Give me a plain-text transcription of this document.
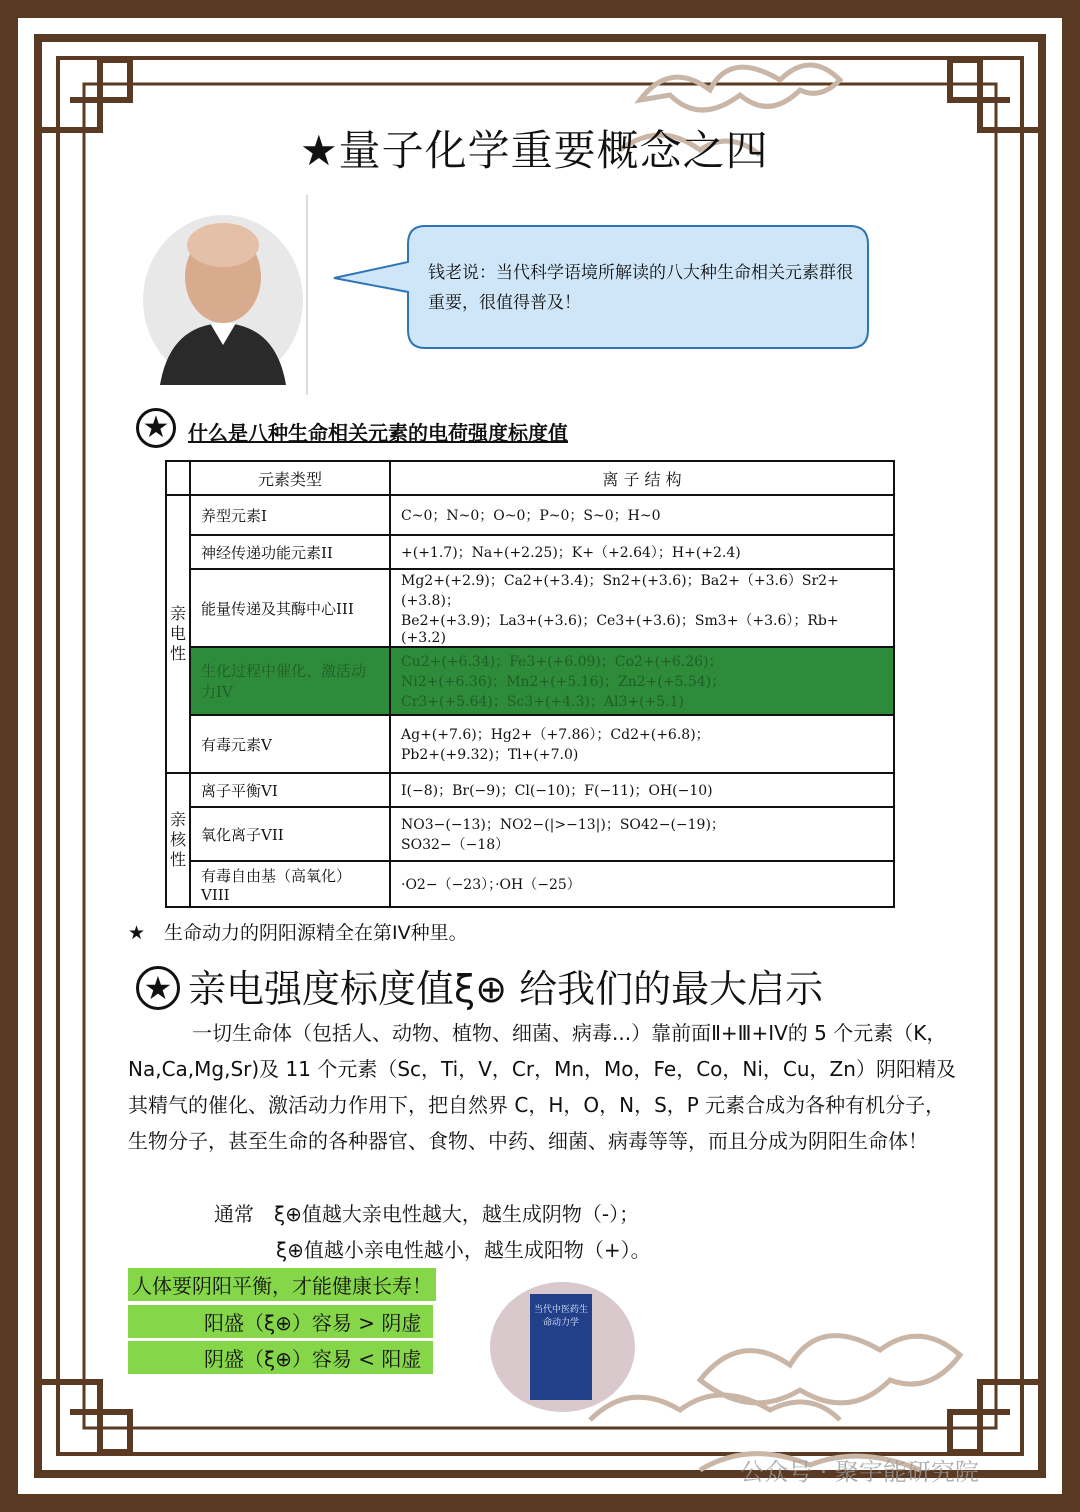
★量子化学重要概念之四
钱老说：当代科学语境所解读的八大种生命相关元素群很重要，很值得普及！
★ 什么是八种生命相关元素的电荷强度标度值
	元素类型	离 子 结 构
亲
电
性	养型元素I	C~0；N~0；O~0；P~0；S~0；H~0
	神经传递功能元素II	+(+1.7)；Na+(+2.25)；K+（+2.64）；H+(+2.4)
	能量传递及其酶中心III	Mg2+(+2.9)；Ca2+(+3.4)；Sn2+(+3.6)；Ba2+（+3.6）Sr2+(+3.8)；
Be2+(+3.9)；La3+(+3.6)；Ce3+(+3.6)；Sm3+（+3.6）；Rb+(+3.2)

	生化过程中催化、激活动力IV	Cu2+(+6.34)；Fe3+(+6.09)；Co2+(+6.26)；
Ni2+(+6.36)；Mn2+(+5.16)；Zn2+(+5.54)；
Cr3+(+5.64)；Sc3+(+4.3)；Al3+(+5.1)

	有毒元素V	Ag+(+7.6)；Hg2+（+7.86）；Cd2+(+6.8)；
Pb2+(+9.32)；Tl+(+7.0)

亲
核
性	离子平衡VI	I(−8)；Br(−9)；Cl(−10)；F(−11)；OH(−10)
	氧化离子VII	NO3−(−13)；NO2−(|>−13|)；SO42−(−19)；
SO32−（−18）

	有毒自由基（高氧化）VIII	·O2−（−23）；·OH（−25）
★　生命动力的阴阳源精全在第IV种里。
★ 亲电强度标度值ξ⊕ 给我们的最大启示
一切生命体（包括人、动物、植物、细菌、病毒...）靠前面Ⅱ+Ⅲ+IV的 5 个元素（K，Na,Ca,Mg,Sr)及 11 个元素（Sc，Ti，V，Cr，Mn，Mo，Fe，Co，Ni，Cu，Zn）阴阳精及其精气的催化、激活动力作用下，把自然界 C，H，O，N，S，P 元素合成为各种有机分子，生物分子，甚至生命的各种器官、食物、中药、细菌、病毒等等，而且分成为阴阳生命体！
通常　ξ⊕值越大亲电性越大，越生成阴物（-）；
ξ⊕值越小亲电性越小，越生成阳物（+）。
人体要阴阳平衡，才能健康长寿！
阳盛（ξ⊕）容易 > 阴虚
阴盛（ξ⊕）容易 < 阳虚
当代中医药生命动力学
公众号 · 聚宇能研究院
